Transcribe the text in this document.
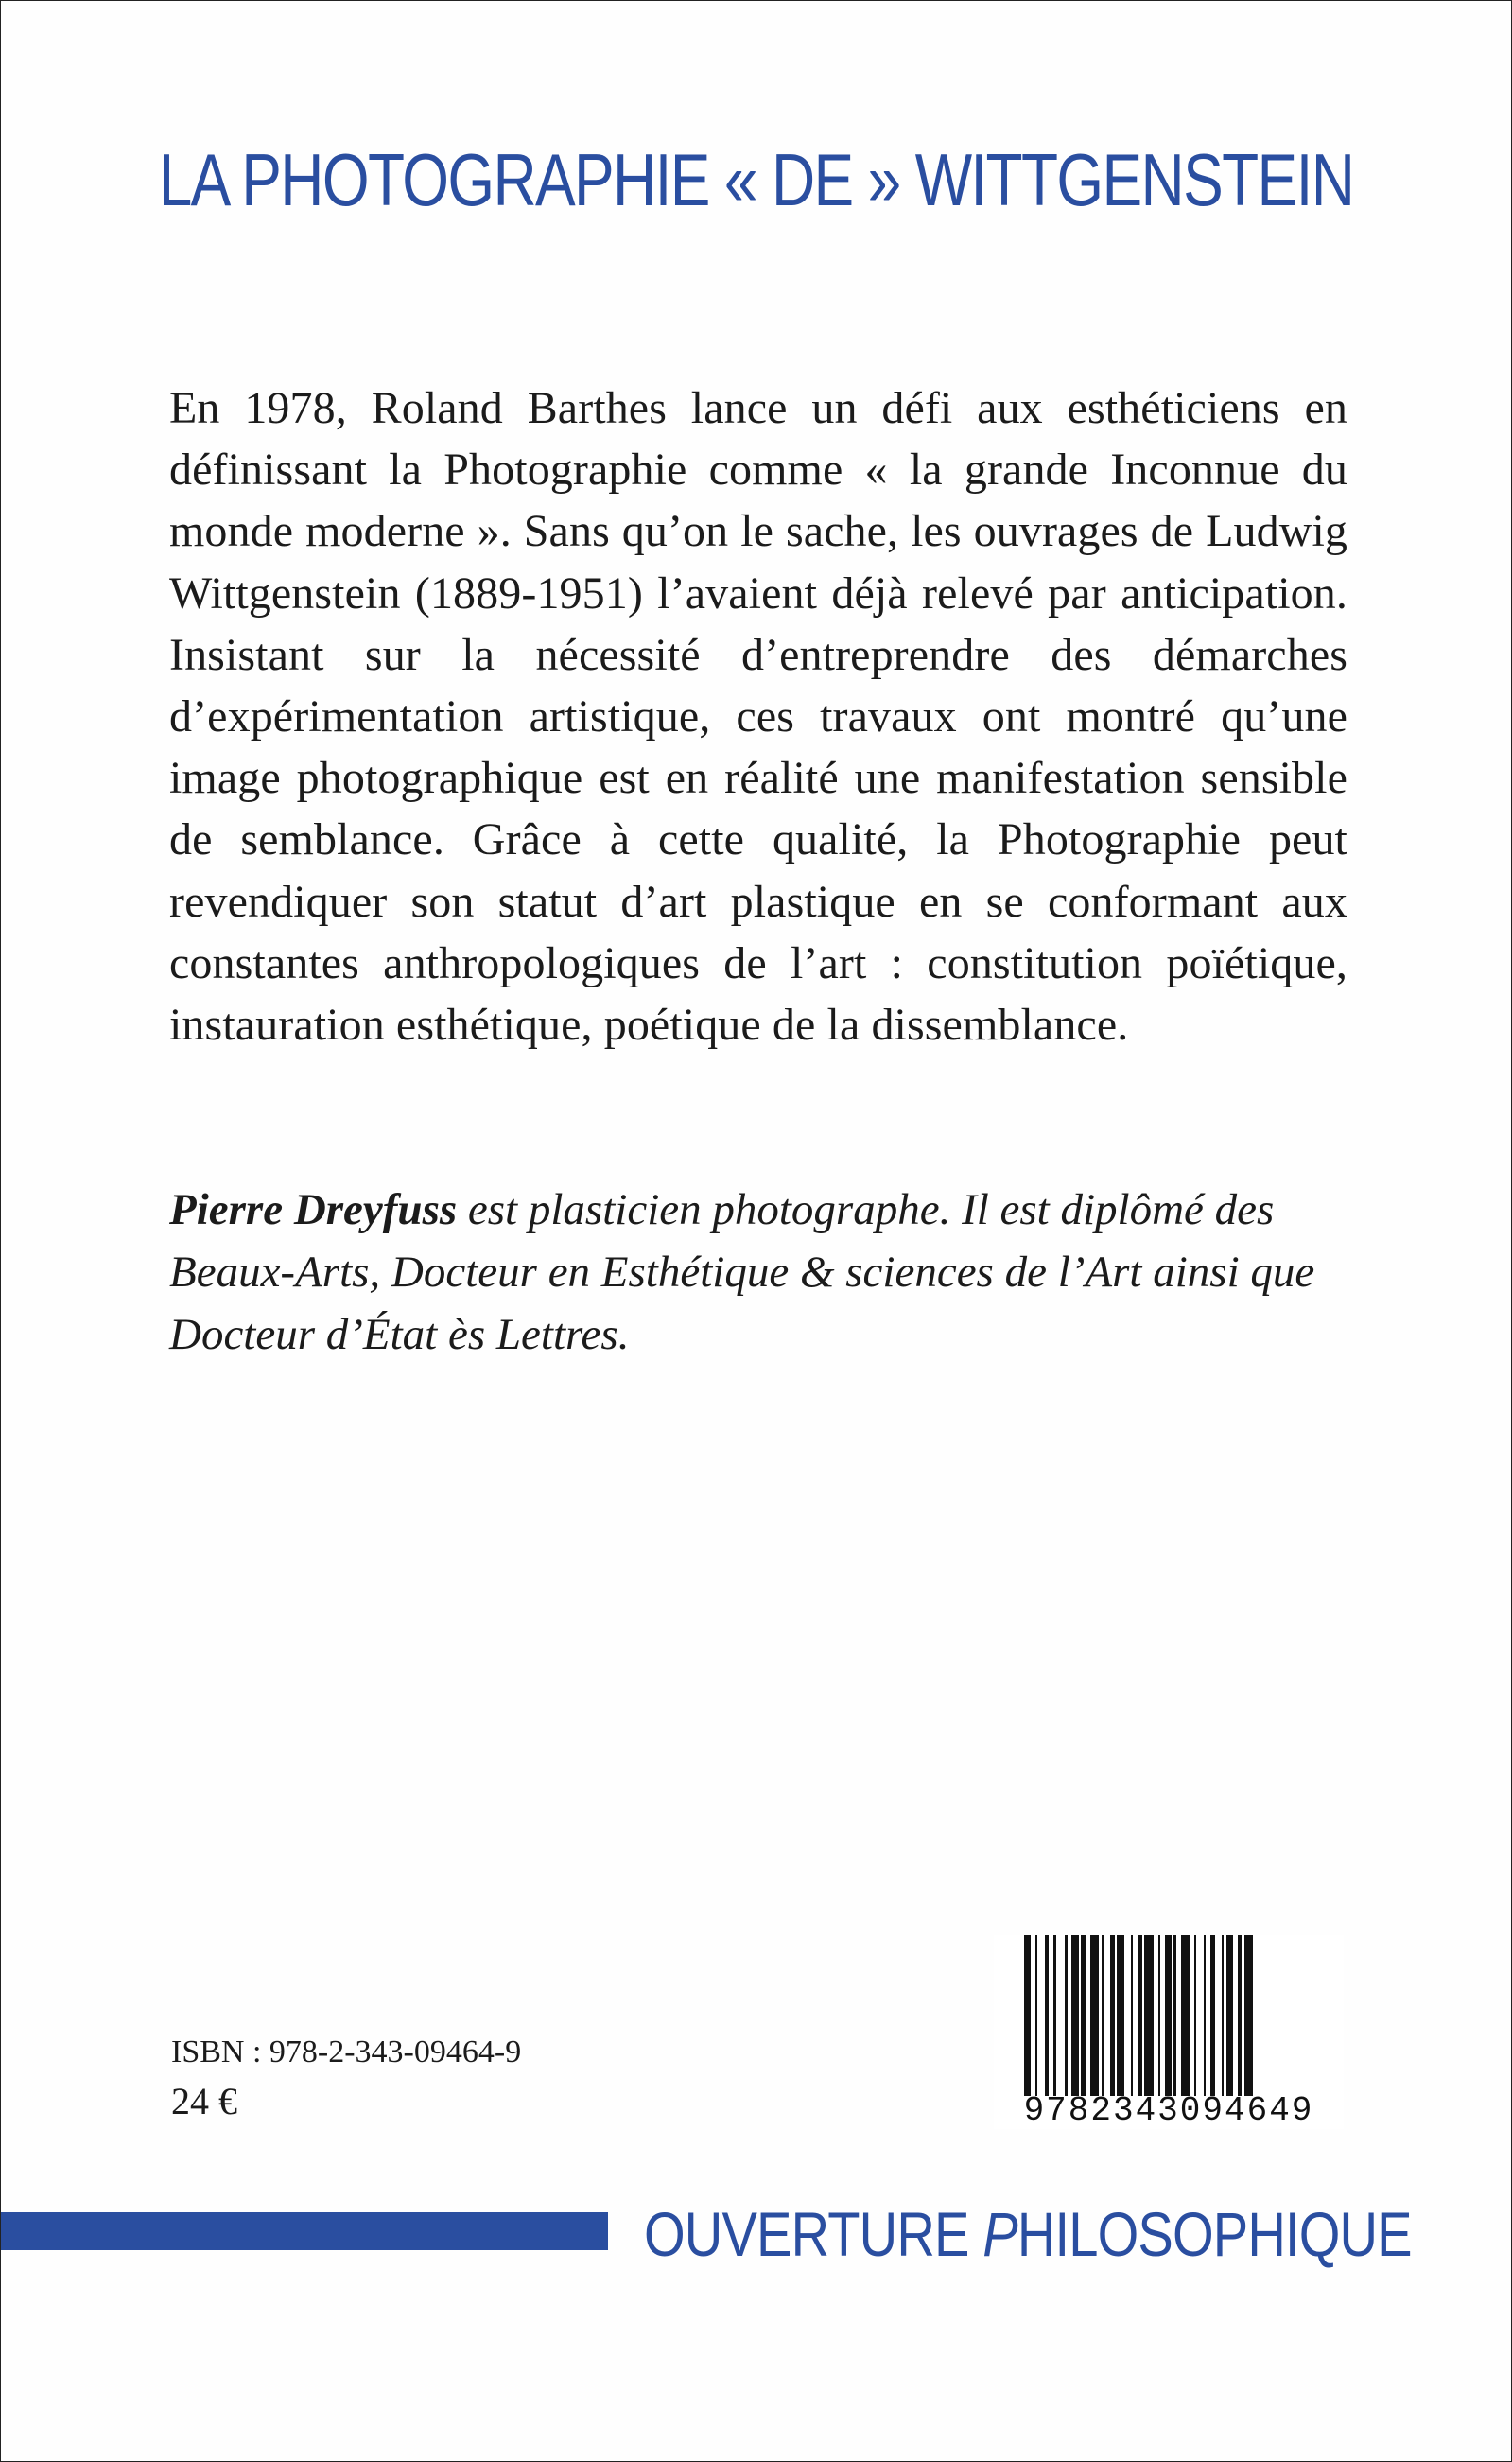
LA PHOTOGRAPHIE « DE » WITTGENSTEIN
En 1978, Roland Barthes lance un défi aux esthéticiens en définissant la Photographie comme « la grande Inconnue du monde moderne ». Sans qu’on le sache, les ouvrages de Ludwig Wittgenstein (1889-1951) l’avaient déjà relevé par anticipation. Insistant sur la nécessité d’entreprendre des démarches d’expérimentation artistique, ces travaux ont montré qu’une image photographique est en réalité une manifestation sensible de semblance. Grâce à cette qualité, la Photographie peut revendiquer son statut d’art plastique en se conformant aux constantes anthropologiques de l’art : constitution poïétique, instauration esthétique, poétique de la dissemblance.
Pierre Dreyfuss est plasticien photographe. Il est diplômé des Beaux-Arts, Docteur en Esthétique & sciences de l’Art ainsi que Docteur d’État ès Lettres.
ISBN : 978-2-343-09464-9
24 €	9782343094649
OUVERTURE PHILOSOPHIQUE
